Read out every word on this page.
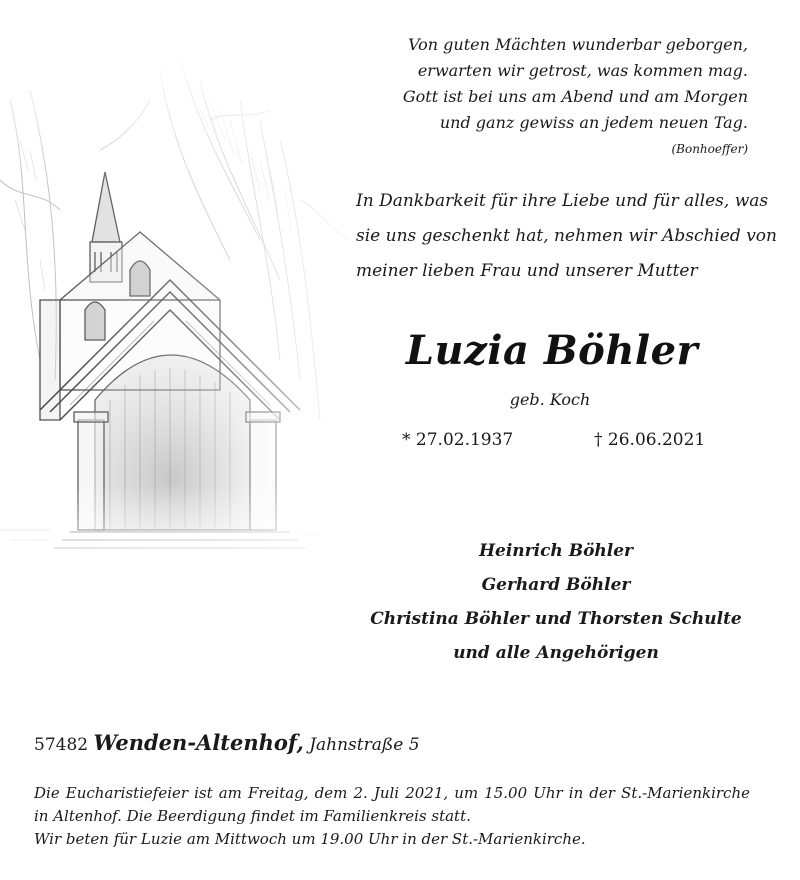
Von guten Mächten wunderbar geborgen,
erwarten wir getrost, was kommen mag.
Gott ist bei uns am Abend und am Morgen
und ganz gewiss an jedem neuen Tag.
(Bonhoeffer)
In Dankbarkeit für ihre Liebe und für alles, was
sie uns geschenkt hat, nehmen wir Abschied von
meiner lieben Frau und unserer Mutter
Luzia Böhler
geb. Koch
* 27.02.1937	† 26.06.2021
Heinrich Böhler
Gerhard Böhler
Christina Böhler und Thorsten Schulte
und alle Angehörigen
57482 Wenden-Altenhof, Jahnstraße 5
Die Eucharistiefeier ist am Freitag, dem 2. Juli 2021, um 15.00 Uhr in der St.-Marienkirche
in Altenhof. Die Beerdigung findet im Familienkreis statt.
Wir beten für Luzie am Mittwoch um 19.00 Uhr in der St.-Marienkirche.
